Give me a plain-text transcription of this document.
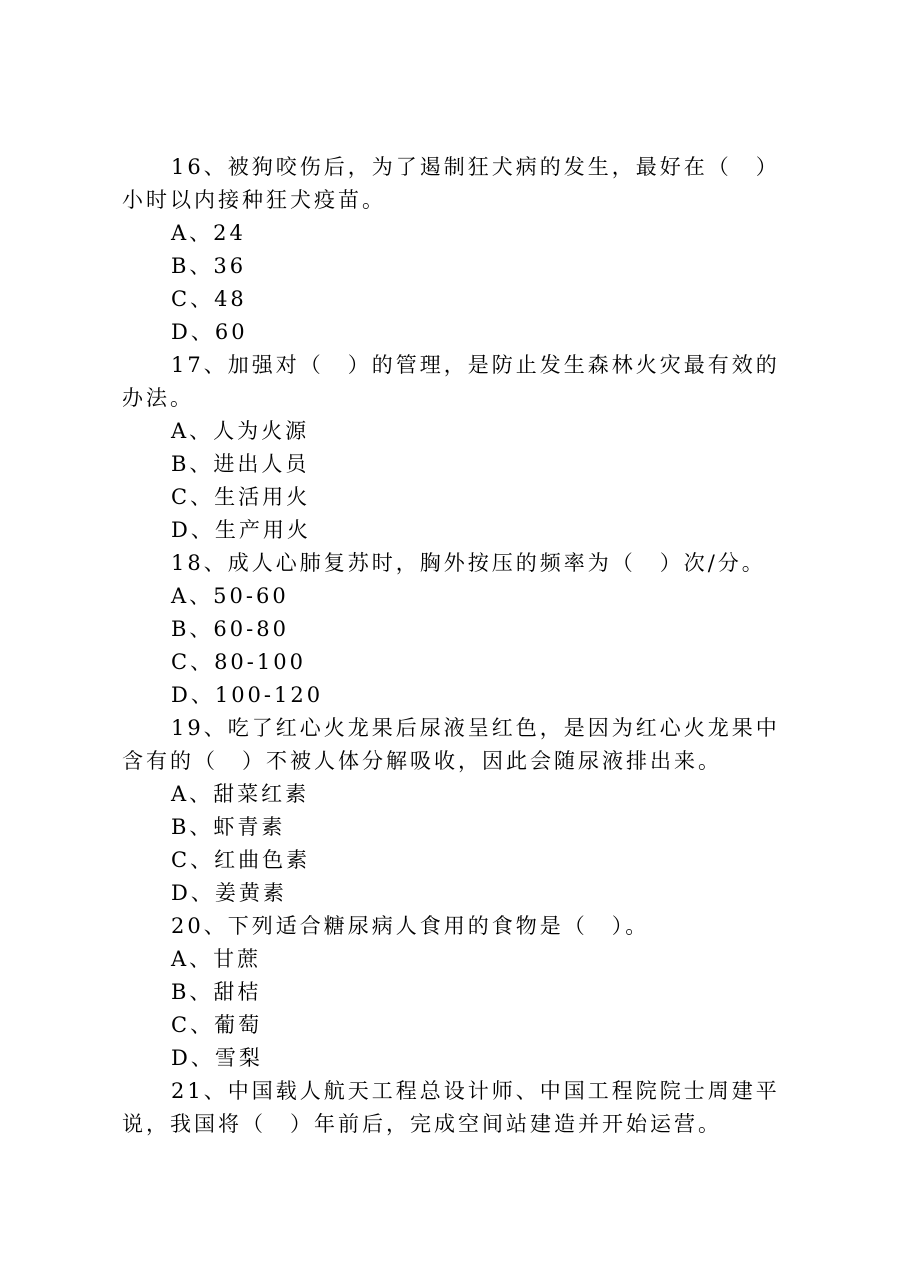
16、被狗咬伤后，为了遏制狂犬病的发生，最好在（　）
小时以内接种狂犬疫苗。
A、24
B、36
C、48
D、60
17、加强对（　）的管理，是防止发生森林火灾最有效的
办法。
A、人为火源
B、进出人员
C、生活用火
D、生产用火
18、成人心肺复苏时，胸外按压的频率为（　）次/分。
A、50-60
B、60-80
C、80-100
D、100-120
19、吃了红心火龙果后尿液呈红色，是因为红心火龙果中
含有的（　）不被人体分解吸收，因此会随尿液排出来。
A、甜菜红素
B、虾青素
C、红曲色素
D、姜黄素
20、下列适合糖尿病人食用的食物是（　）。
A、甘蔗
B、甜桔
C、葡萄
D、雪梨
21、中国载人航天工程总设计师、中国工程院院士周建平
说，我国将（　）年前后，完成空间站建造并开始运营。
